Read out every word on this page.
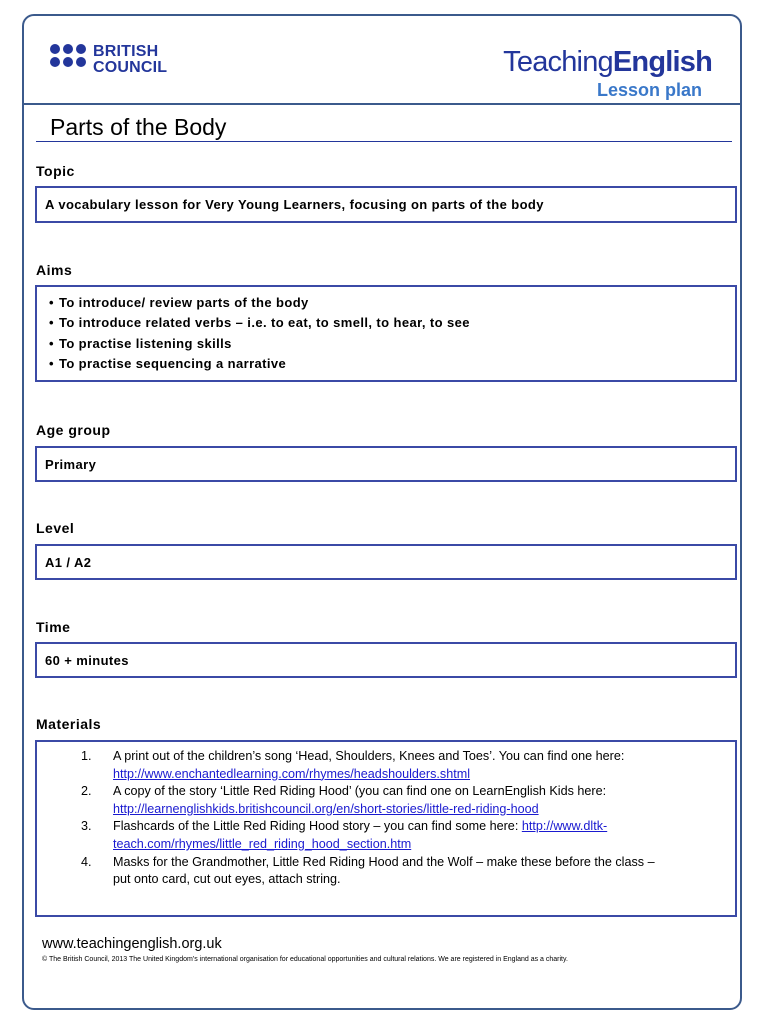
BRITISH
COUNCIL	TeachingEnglish
Lesson plan
Parts of the Body
Topic
A vocabulary lesson for Very Young Learners, focusing on parts of the body
Aims
• To introduce/ review parts of the body
• To introduce related verbs – i.e. to eat, to smell, to hear, to see
• To practise listening skills
• To practise sequencing a narrative
Age group
Primary
Level
A1 / A2
Time
60 + minutes
Materials
1. A print out of the children’s song ‘Head, Shoulders, Knees and Toes’. You can find one here:
http://www.enchantedlearning.com/rhymes/headshoulders.shtml
2. A copy of the story ‘Little Red Riding Hood’ (you can find one on LearnEnglish Kids here:
http://learnenglishkids.britishcouncil.org/en/short-stories/little-red-riding-hood
3. Flashcards of the Little Red Riding Hood story – you can find some here: http://www.dltk-
teach.com/rhymes/little_red_riding_hood_section.htm
4. Masks for the Grandmother, Little Red Riding Hood and the Wolf – make these before the class –
put onto card, cut out eyes, attach string.
www.teachingenglish.org.uk
© The British Council, 2013 The United Kingdom’s international organisation for educational opportunities and cultural relations. We are registered in England as a charity.
